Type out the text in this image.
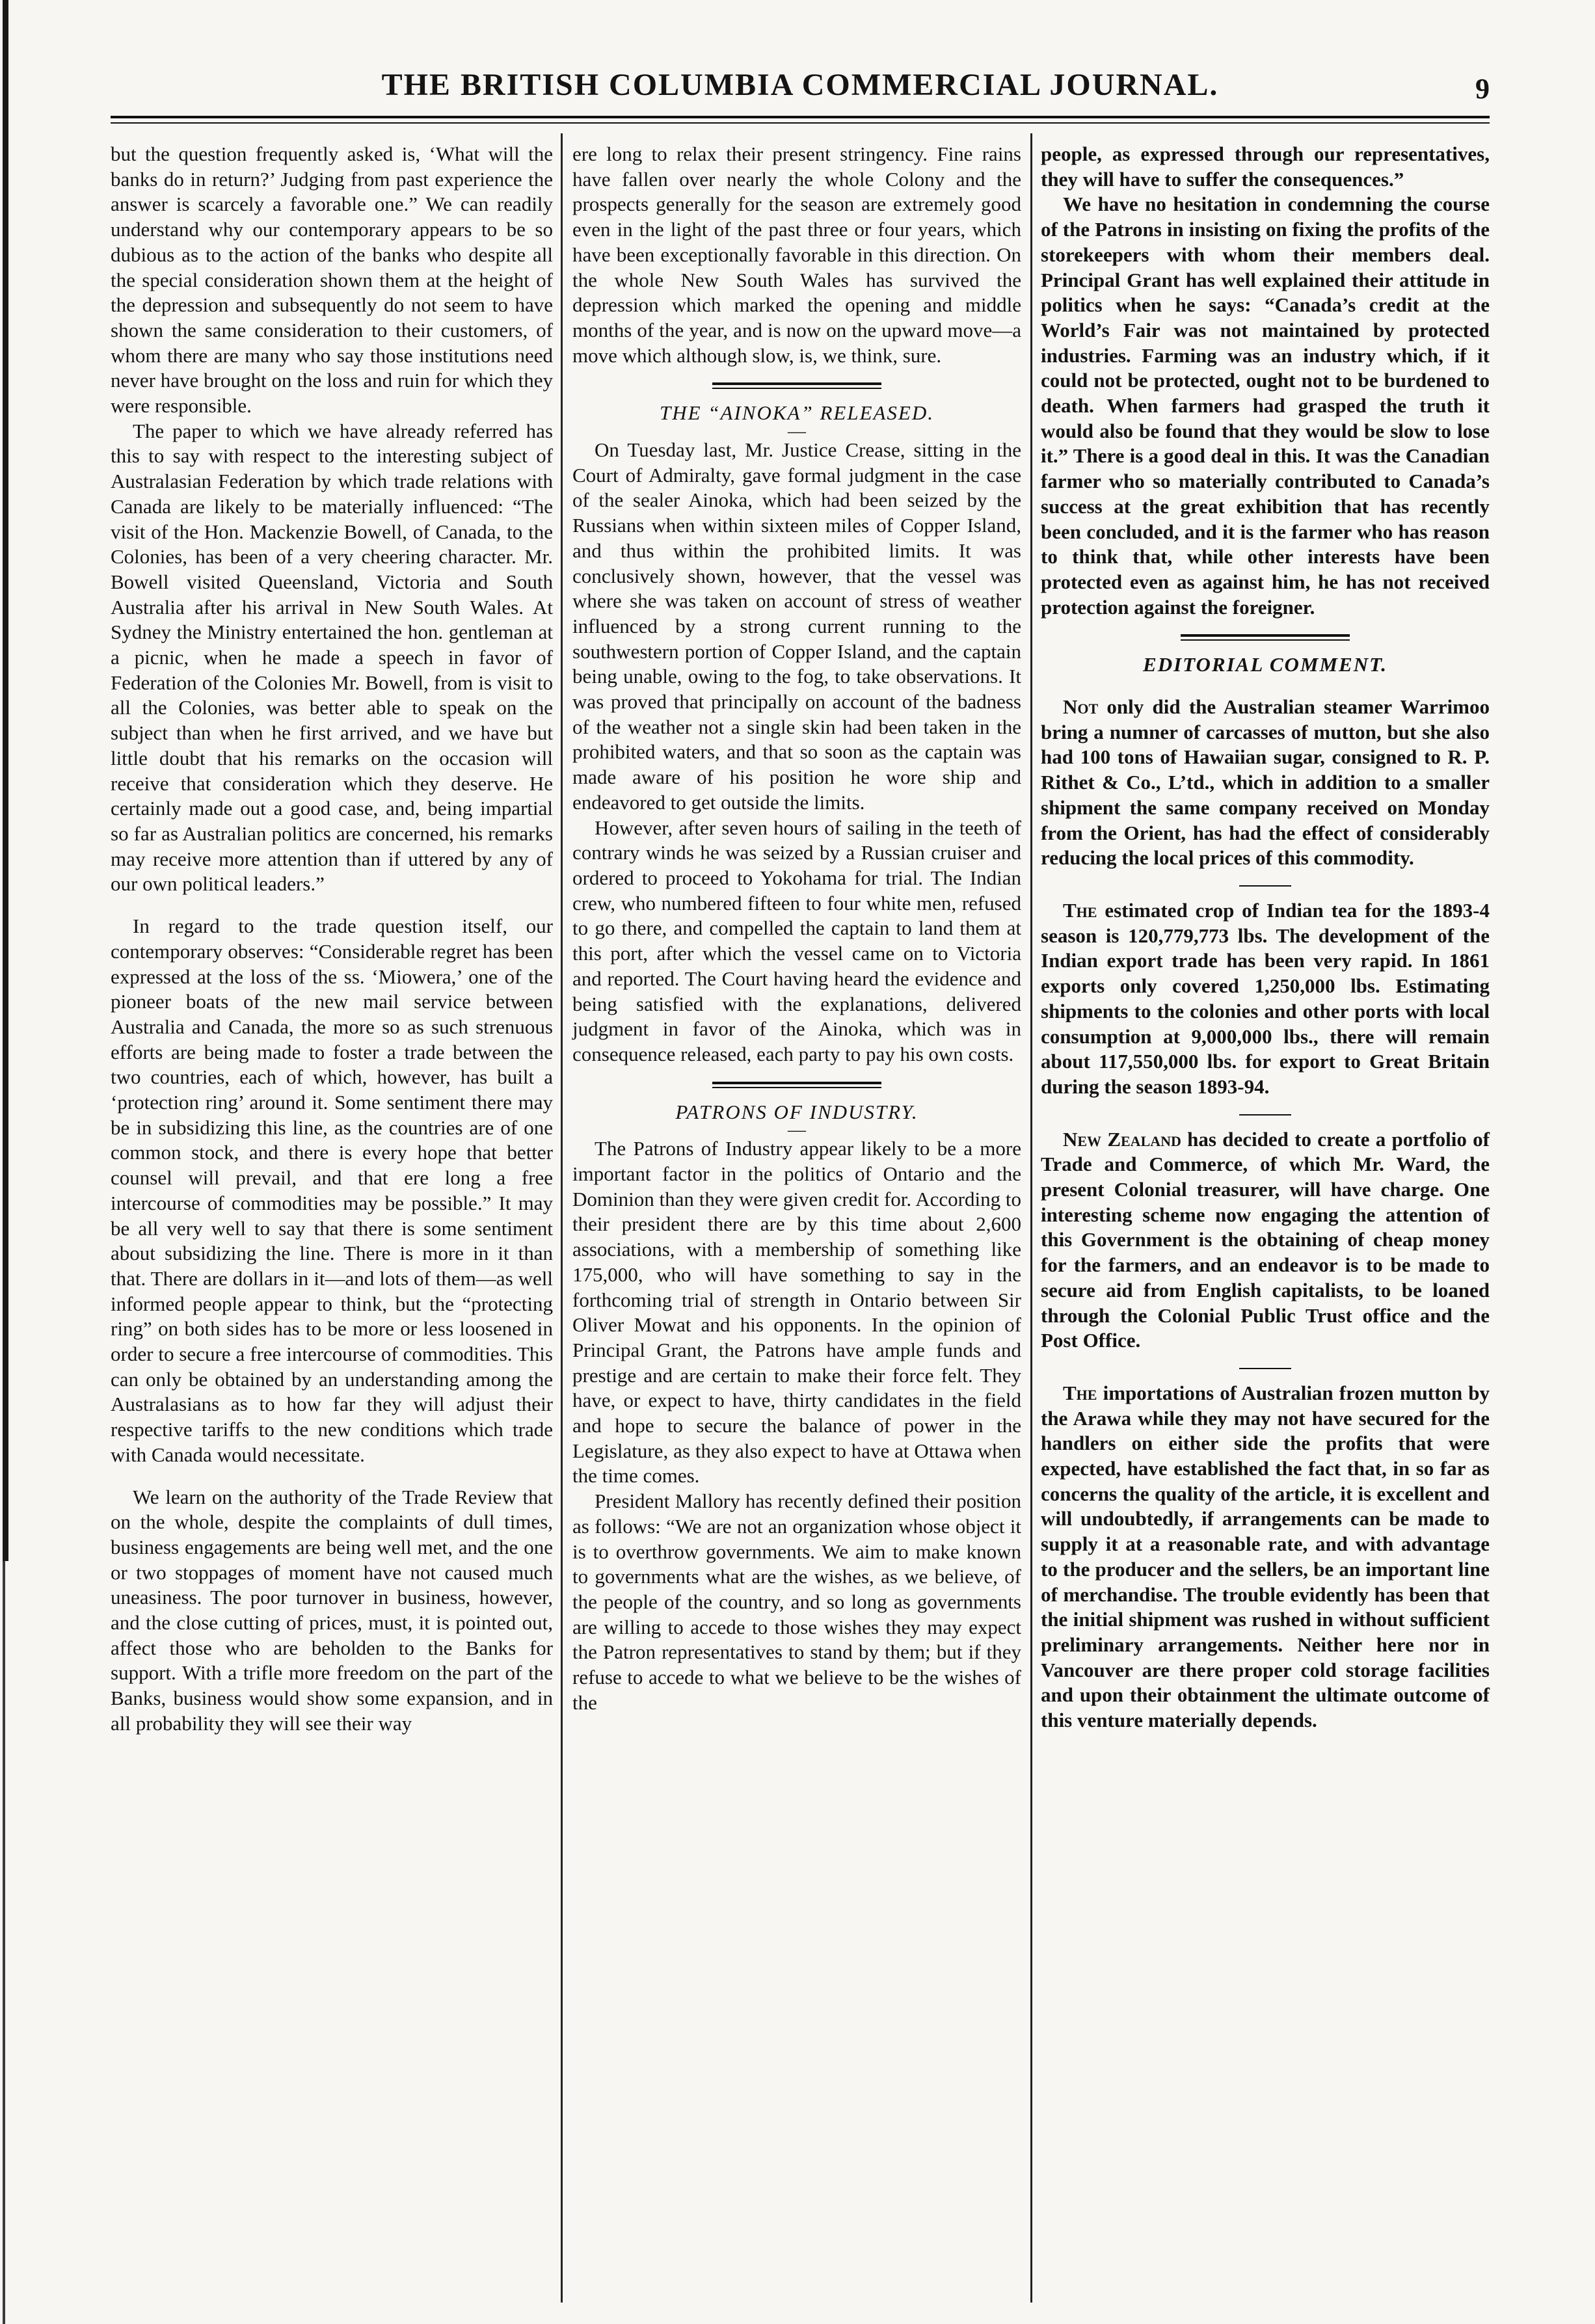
THE BRITISH COLUMBIA COMMERCIAL JOURNAL.	9

but the question frequently asked is, ‘What will the banks do in return?’ Judging from past experience the answer is scarcely a favorable one.” We can readily understand why our contemporary appears to be so dubious as to the action of the banks who despite all the special consideration shown them at the height of the depression and subsequently do not seem to have shown the same consideration to their customers, of whom there are many who say those institutions need never have brought on the loss and ruin for which they were responsible.

The paper to which we have already referred has this to say with respect to the interesting subject of Australasian Federation by which trade relations with Canada are likely to be materially influenced: “The visit of the Hon. Mackenzie Bowell, of Canada, to the Colonies, has been of a very cheering character. Mr. Bowell visited Queensland, Victoria and South Australia after his arrival in New South Wales. At Sydney the Ministry entertained the hon. gentleman at a picnic, when he made a speech in favor of Federation of the Colonies Mr. Bowell, from is visit to all the Colonies, was better able to speak on the subject than when he first arrived, and we have but little doubt that his remarks on the occasion will receive that consideration which they deserve. He certainly made out a good case, and, being impartial so far as Australian politics are concerned, his remarks may receive more attention than if uttered by any of our own political leaders.”

In regard to the trade question itself, our contemporary observes: “Considerable regret has been expressed at the loss of the ss. ‘Miowera,’ one of the pioneer boats of the new mail service between Australia and Canada, the more so as such strenuous efforts are being made to foster a trade between the two countries, each of which, however, has built a ‘protection ring’ around it. Some sentiment there may be in subsidizing this line, as the countries are of one common stock, and there is every hope that better counsel will prevail, and that ere long a free intercourse of commodities may be possible.” It may be all very well to say that there is some sentiment about subsidizing the line. There is more in it than that. There are dollars in it—and lots of them—as well informed people appear to think, but the “protecting ring” on both sides has to be more or less loosened in order to secure a free intercourse of commodities. This can only be obtained by an understanding among the Australasians as to how far they will adjust their respective tariffs to the new conditions which trade with Canada would necessitate.

We learn on the authority of the Trade Review that on the whole, despite the complaints of dull times, business engagements are being well met, and the one or two stoppages of moment have not caused much uneasiness. The poor turnover in business, however, and the close cutting of prices, must, it is pointed out, affect those who are beholden to the Banks for support. With a trifle more freedom on the part of the Banks, business would show some expansion, and in all probability they will see their way

ere long to relax their present stringency. Fine rains have fallen over nearly the whole Colony and the prospects generally for the season are extremely good even in the light of the past three or four years, which have been exceptionally favorable in this direction. On the whole New South Wales has survived the depression which marked the opening and middle months of the year, and is now on the upward move—a move which although slow, is, we think, sure.

THE “AINOKA” RELEASED.

—

On Tuesday last, Mr. Justice Crease, sitting in the Court of Admiralty, gave formal judgment in the case of the sealer Ainoka, which had been seized by the Russians when within sixteen miles of Copper Island, and thus within the prohibited limits. It was conclusively shown, however, that the vessel was where she was taken on account of stress of weather influenced by a strong current running to the southwestern portion of Copper Island, and the captain being unable, owing to the fog, to take observations. It was proved that principally on account of the badness of the weather not a single skin had been taken in the prohibited waters, and that so soon as the captain was made aware of his position he wore ship and endeavored to get outside the limits.

However, after seven hours of sailing in the teeth of contrary winds he was seized by a Russian cruiser and ordered to proceed to Yokohama for trial. The Indian crew, who numbered fifteen to four white men, refused to go there, and compelled the captain to land them at this port, after which the vessel came on to Victoria and reported. The Court having heard the evidence and being satisfied with the explanations, delivered judgment in favor of the Ainoka, which was in consequence released, each party to pay his own costs.

PATRONS OF INDUSTRY.

—

The Patrons of Industry appear likely to be a more important factor in the politics of Ontario and the Dominion than they were given credit for. According to their president there are by this time about 2,600 associations, with a membership of something like 175,000, who will have something to say in the forthcoming trial of strength in Ontario between Sir Oliver Mowat and his opponents. In the opinion of Principal Grant, the Patrons have ample funds and prestige and are certain to make their force felt. They have, or expect to have, thirty candidates in the field and hope to secure the balance of power in the Legislature, as they also expect to have at Ottawa when the time comes.

President Mallory has recently defined their position as follows: “We are not an organization whose object it is to overthrow governments. We aim to make known to governments what are the wishes, as we believe, of the people of the country, and so long as governments are willing to accede to those wishes they may expect the Patron representatives to stand by them; but if they refuse to accede to what we believe to be the wishes of the

people, as expressed through our representatives, they will have to suffer the consequences.”

We have no hesitation in condemning the course of the Patrons in insisting on fixing the profits of the storekeepers with whom their members deal. Principal Grant has well explained their attitude in politics when he says: “Canada’s credit at the World’s Fair was not maintained by protected industries. Farming was an industry which, if it could not be protected, ought not to be burdened to death. When farmers had grasped the truth it would also be found that they would be slow to lose it.” There is a good deal in this. It was the Canadian farmer who so materially contributed to Canada’s success at the great exhibition that has recently been concluded, and it is the farmer who has reason to think that, while other interests have been protected even as against him, he has not received protection against the foreigner.

EDITORIAL COMMENT.

Not only did the Australian steamer Warrimoo bring a numner of carcasses of mutton, but she also had 100 tons of Hawaiian sugar, consigned to R. P. Rithet & Co., L’td., which in addition to a smaller shipment the same company received on Monday from the Orient, has had the effect of considerably reducing the local prices of this commodity.

The estimated crop of Indian tea for the 1893-4 season is 120,779,773 lbs. The development of the Indian export trade has been very rapid. In 1861 exports only covered 1,250,000 lbs. Estimating shipments to the colonies and other ports with local consumption at 9,000,000 lbs., there will remain about 117,550,000 lbs. for export to Great Britain during the season 1893-94.

New Zealand has decided to create a portfolio of Trade and Commerce, of which Mr. Ward, the present Colonial treasurer, will have charge. One interesting scheme now engaging the attention of this Government is the obtaining of cheap money for the farmers, and an endeavor is to be made to secure aid from English capitalists, to be loaned through the Colonial Public Trust office and the Post Office.

The importations of Australian frozen mutton by the Arawa while they may not have secured for the handlers on either side the profits that were expected, have established the fact that, in so far as concerns the quality of the article, it is excellent and will undoubtedly, if arrangements can be made to supply it at a reasonable rate, and with advantage to the producer and the sellers, be an important line of merchandise. The trouble evidently has been that the initial shipment was rushed in without sufficient preliminary arrangements. Neither here nor in Vancouver are there proper cold storage facilities and upon their obtainment the ultimate outcome of this venture materially depends.
